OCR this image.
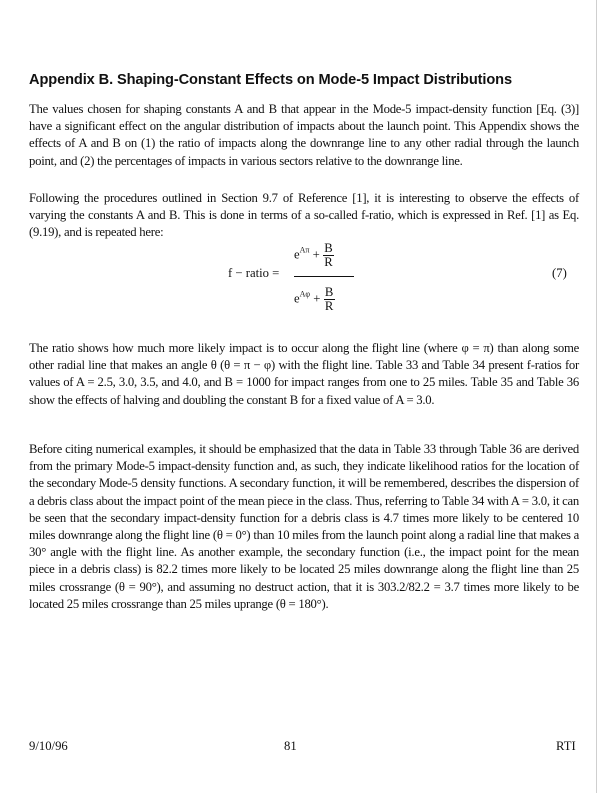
Appendix B. Shaping-Constant Effects on Mode-5 Impact Distributions

The values chosen for shaping constants A and B that appear in the Mode-5 impact-density function [Eq. (3)] have a significant effect on the angular distribution of impacts about the launch point. This Appendix shows the effects of A and B on (1) the ratio of impacts along the downrange line to any other radial through the launch point, and (2) the percentages of impacts in various sectors relative to the downrange line.

Following the procedures outlined in Section 9.7 of Reference [1], it is interesting to observe the effects of varying the constants A and B. This is done in terms of a so-called f-ratio, which is expressed in Ref. [1] as Eq. (9.19), and is repeated here:

f − ratio =
$e^{A\pi} + \frac{B}{R}$
$e^{A\varphi} + \frac{B}{R}$
(7)

The ratio shows how much more likely impact is to occur along the flight line (where φ = π) than along some other radial line that makes an angle θ (θ = π − φ) with the flight line. Table 33 and Table 34 present f-ratios for values of A = 2.5, 3.0, 3.5, and 4.0, and B = 1000 for impact ranges from one to 25 miles. Table 35 and Table 36 show the effects of halving and doubling the constant B for a fixed value of A = 3.0.

Before citing numerical examples, it should be emphasized that the data in Table 33 through Table 36 are derived from the primary Mode-5 impact-density function and, as such, they indicate likelihood ratios for the location of the secondary Mode-5 density functions. A secondary function, it will be remembered, describes the dispersion of a debris class about the impact point of the mean piece in the class. Thus, referring to Table 34 with A = 3.0, it can be seen that the secondary impact-density function for a debris class is 4.7 times more likely to be centered 10 miles downrange along the flight line (θ = 0°) than 10 miles from the launch point along a radial line that makes a 30° angle with the flight line. As another example, the secondary function (i.e., the impact point for the mean piece in a debris class) is 82.2 times more likely to be located 25 miles downrange along the flight line than 25 miles crossrange (θ = 90°), and assuming no destruct action, that it is 303.2/82.2 = 3.7 times more likely to be located 25 miles crossrange than 25 miles uprange (θ = 180°).

9/10/96	81	RTI
